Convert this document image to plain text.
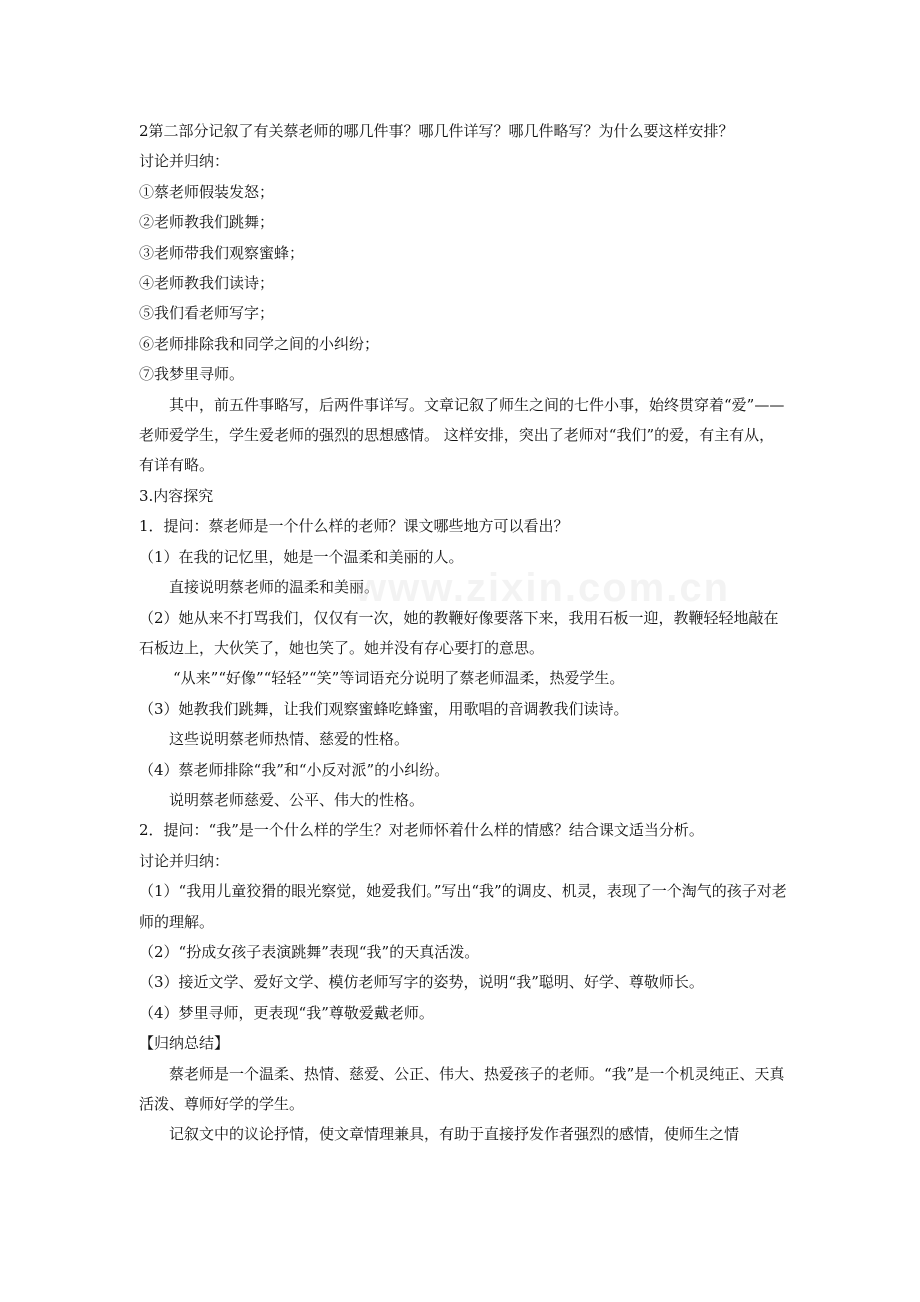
2第二部分记叙了有关蔡老师的哪几件事？哪几件详写？哪几件略写？为什么要这样安排？

讨论并归纳：

①蔡老师假装发怒；

②老师教我们跳舞；

③老师带我们观察蜜蜂；

④老师教我们读诗；

⑤我们看老师写字；

⑥老师排除我和同学之间的小纠纷；

⑦我梦里寻师。

其中，前五件事略写，后两件事详写。文章记叙了师生之间的七件小事，始终贯穿着“爱”——老师爱学生，学生爱老师的强烈的思想感情。 这样安排，突出了老师对“我们”的爱，有主有从，有详有略。

3.内容探究

1．提问：蔡老师是一个什么样的老师？课文哪些地方可以看出？

（1）在我的记忆里，她是一个温柔和美丽的人。

直接说明蔡老师的温柔和美丽。

（2）她从来不打骂我们，仅仅有一次，她的教鞭好像要落下来，我用石板一迎，教鞭轻轻地敲在石板边上，大伙笑了，她也笑了。她并没有存心要打的意思。

“从来”“好像”“轻轻”“笑”等词语充分说明了蔡老师温柔，热爱学生。

（3）她教我们跳舞，让我们观察蜜蜂吃蜂蜜，用歌唱的音调教我们读诗。

这些说明蔡老师热情、慈爱的性格。

（4）蔡老师排除“我”和“小反对派”的小纠纷。

说明蔡老师慈爱、公平、伟大的性格。

2．提问：“我”是一个什么样的学生？对老师怀着什么样的情感？结合课文适当分析。

讨论并归纳：

（1）“我用儿童狡猾的眼光察觉，她爱我们。”写出“我”的调皮、机灵，表现了一个淘气的孩子对老师的理解。

（2）“扮成女孩子表演跳舞”表现“我”的天真活泼。

（3）接近文学、爱好文学、模仿老师写字的姿势，说明“我”聪明、好学、尊敬师长。

（4）梦里寻师，更表现“我”尊敬爱戴老师。

【归纳总结】

蔡老师是一个温柔、热情、慈爱、公正、伟大、热爱孩子的老师。“我”是一个机灵纯正、天真活泼、尊师好学的学生。

记叙文中的议论抒情，使文章情理兼具，有助于直接抒发作者强烈的感情，使师生之情

www.zixin.com.cn
